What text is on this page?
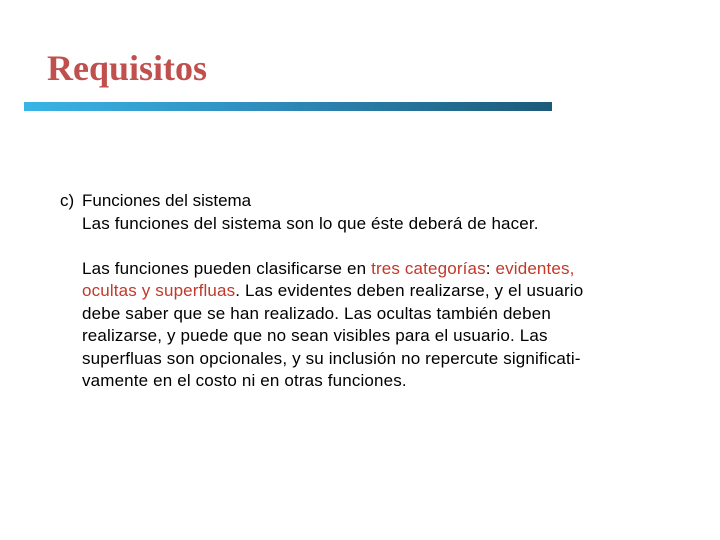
Requisitos
c) Funciones del sistema
Las funciones del sistema son lo que éste deberá de hacer.
Las funciones pueden clasificarse en tres categorías: evidentes,
ocultas y superfluas. Las evidentes deben realizarse, y el usuario
debe saber que se han realizado. Las ocultas también deben
realizarse, y puede que no sean visibles para el usuario. Las
superfluas son opcionales, y su inclusión no repercute significati-
vamente en el costo ni en otras funciones.
